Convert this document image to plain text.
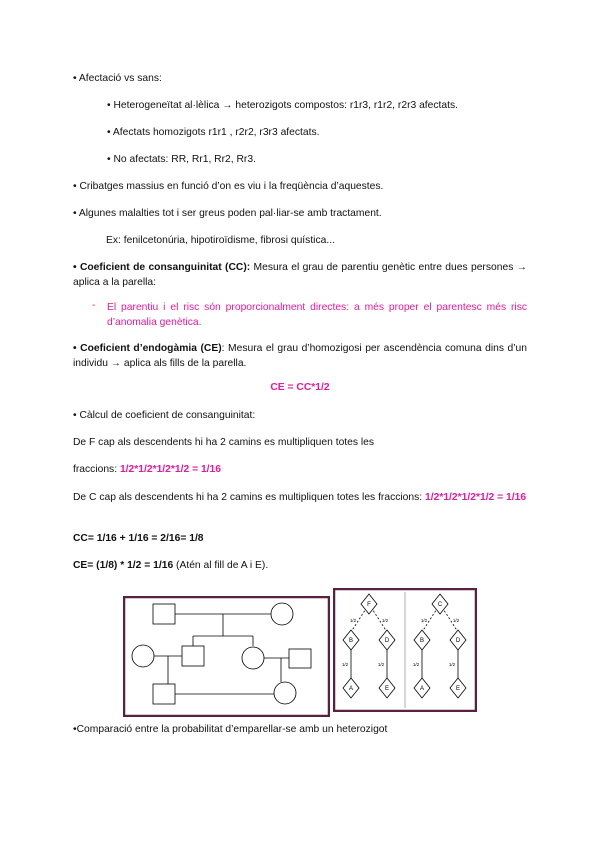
• Afectació vs sans:
• Heterogeneïtat al·lèlica → heterozigots compostos: r1r3, r1r2, r2r3 afectats.
• Afectats homozigots r1r1 , r2r2, r3r3 afectats.
• No afectats: RR, Rr1, Rr2, Rr3.
• Cribatges massius en funció d’on es viu i la freqüència d’aquestes.
• Algunes malalties tot i ser greus poden pal·liar-se amb tractament.
Ex: fenilcetonúria, hipotiroïdisme, fibrosi quística...
• Coeficient de consanguinitat (CC): Mesura el grau de parentiu genètic entre dues persones → aplica a la parella:
- El parentiu i el risc són proporcionalment directes: a més proper el parentesc més risc d’anomalia genètica.
• Coeficient d’endogàmia (CE): Mesura el grau d’homozigosi per ascendència comuna dins d’un individu → aplica als fills de la parella.
CE = CC*1/2
• Càlcul de coeficient de consanguinitat:
De F cap als descendents hi ha 2 camins es multipliquen totes les
fraccions: 1/2*1/2*1/2*1/2 = 1/16
De C cap als descendents hi ha 2 camins es multipliquen totes les fraccions: 1/2*1/2*1/2*1/2 = 1/16
CC= 1/16 + 1/16 = 2/16= 1/8
CE= (1/8) * 1/2 = 1/16 (Atén al fill de A i E).
F
B	D
A	E
C
B	D
A	E
1/2	1/2
1/2	1/2
1/2	1/2
1/2	1/2
•Comparació entre la probabilitat d’emparellar-se amb un heterozigot
